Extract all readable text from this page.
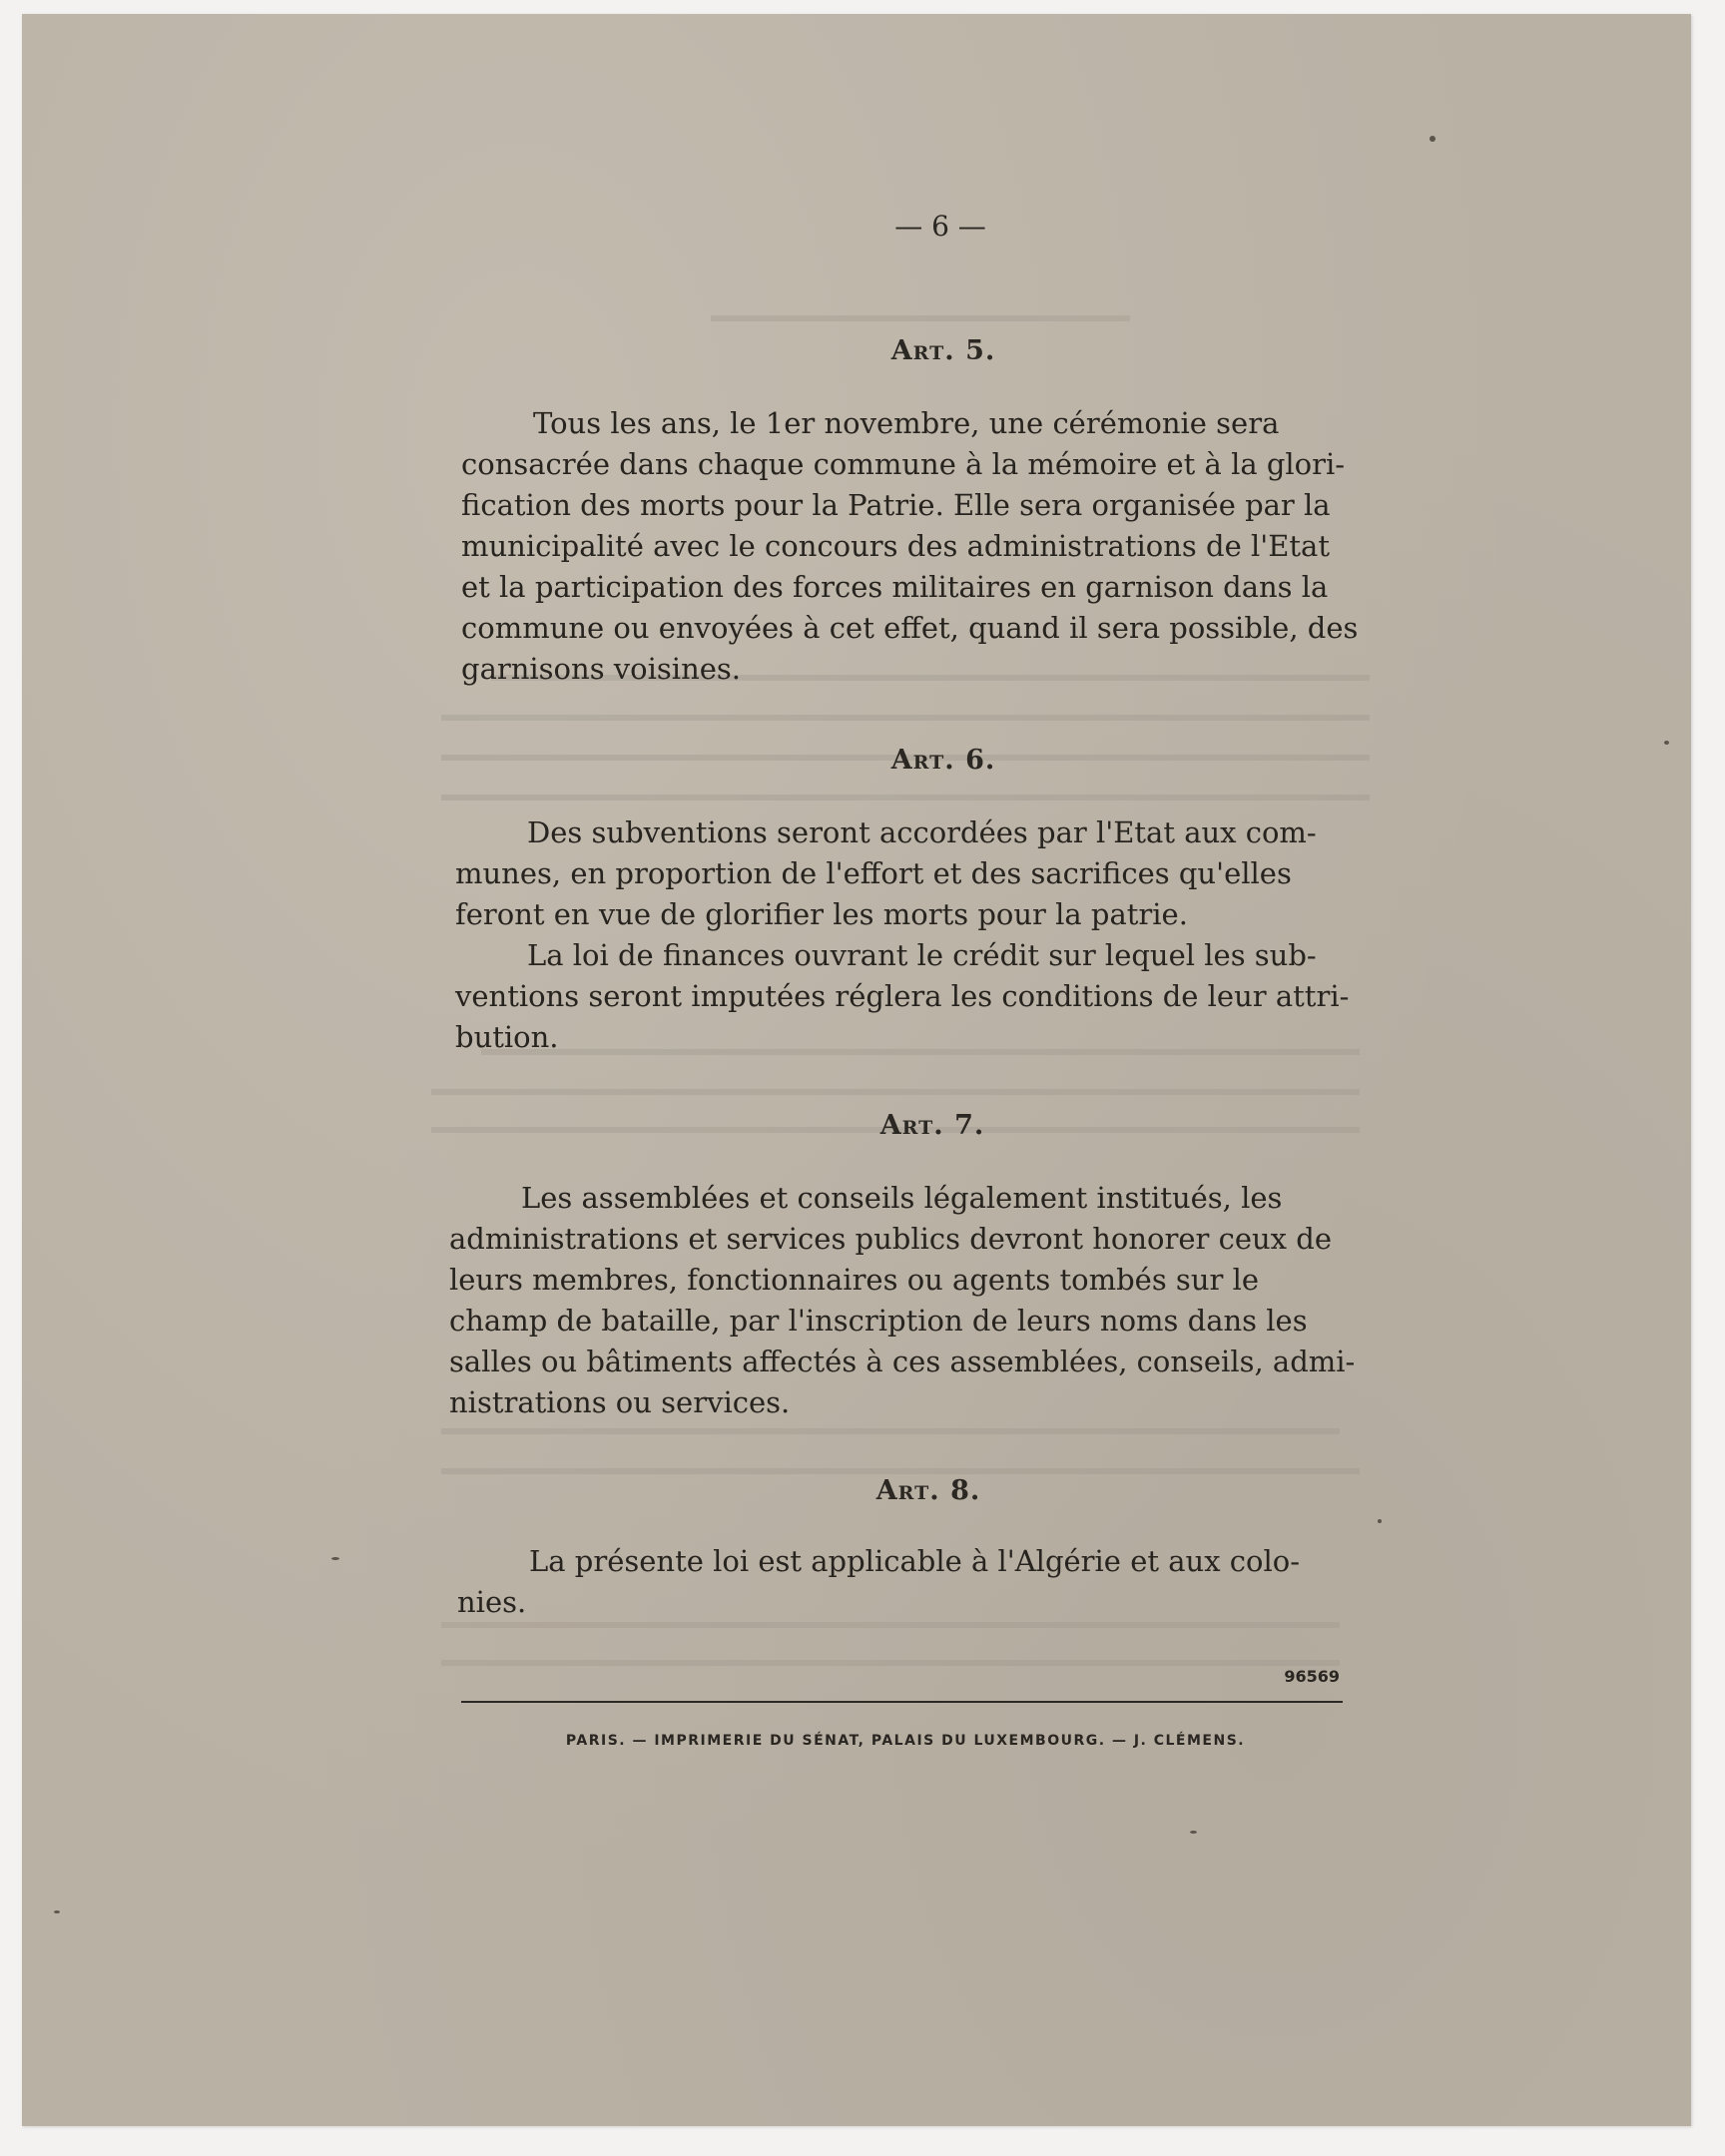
— 6 —
Art. 5.
Tous les ans, le 1er novembre, une cérémonie sera
consacrée dans chaque commune à la mémoire et à la glori-
fication des morts pour la Patrie. Elle sera organisée par la
municipalité avec le concours des administrations de l'Etat
et la participation des forces militaires en garnison dans la
commune ou envoyées à cet effet, quand il sera possible, des
garnisons voisines.
Art. 6.
Des subventions seront accordées par l'Etat aux com-
munes, en proportion de l'effort et des sacrifices qu'elles
feront en vue de glorifier les morts pour la patrie.
La loi de finances ouvrant le crédit sur lequel les sub-
ventions seront imputées réglera les conditions de leur attri-
bution.
Art. 7.
Les assemblées et conseils légalement institués, les
administrations et services publics devront honorer ceux de
leurs membres, fonctionnaires ou agents tombés sur le
champ de bataille, par l'inscription de leurs noms dans les
salles ou bâtiments affectés à ces assemblées, conseils, admi-
nistrations ou services.
Art. 8.
La présente loi est applicable à l'Algérie et aux colo-
nies.
96569
PARIS. — IMPRIMERIE DU SÉNAT, PALAIS DU LUXEMBOURG. — J. CLÉMENS.
